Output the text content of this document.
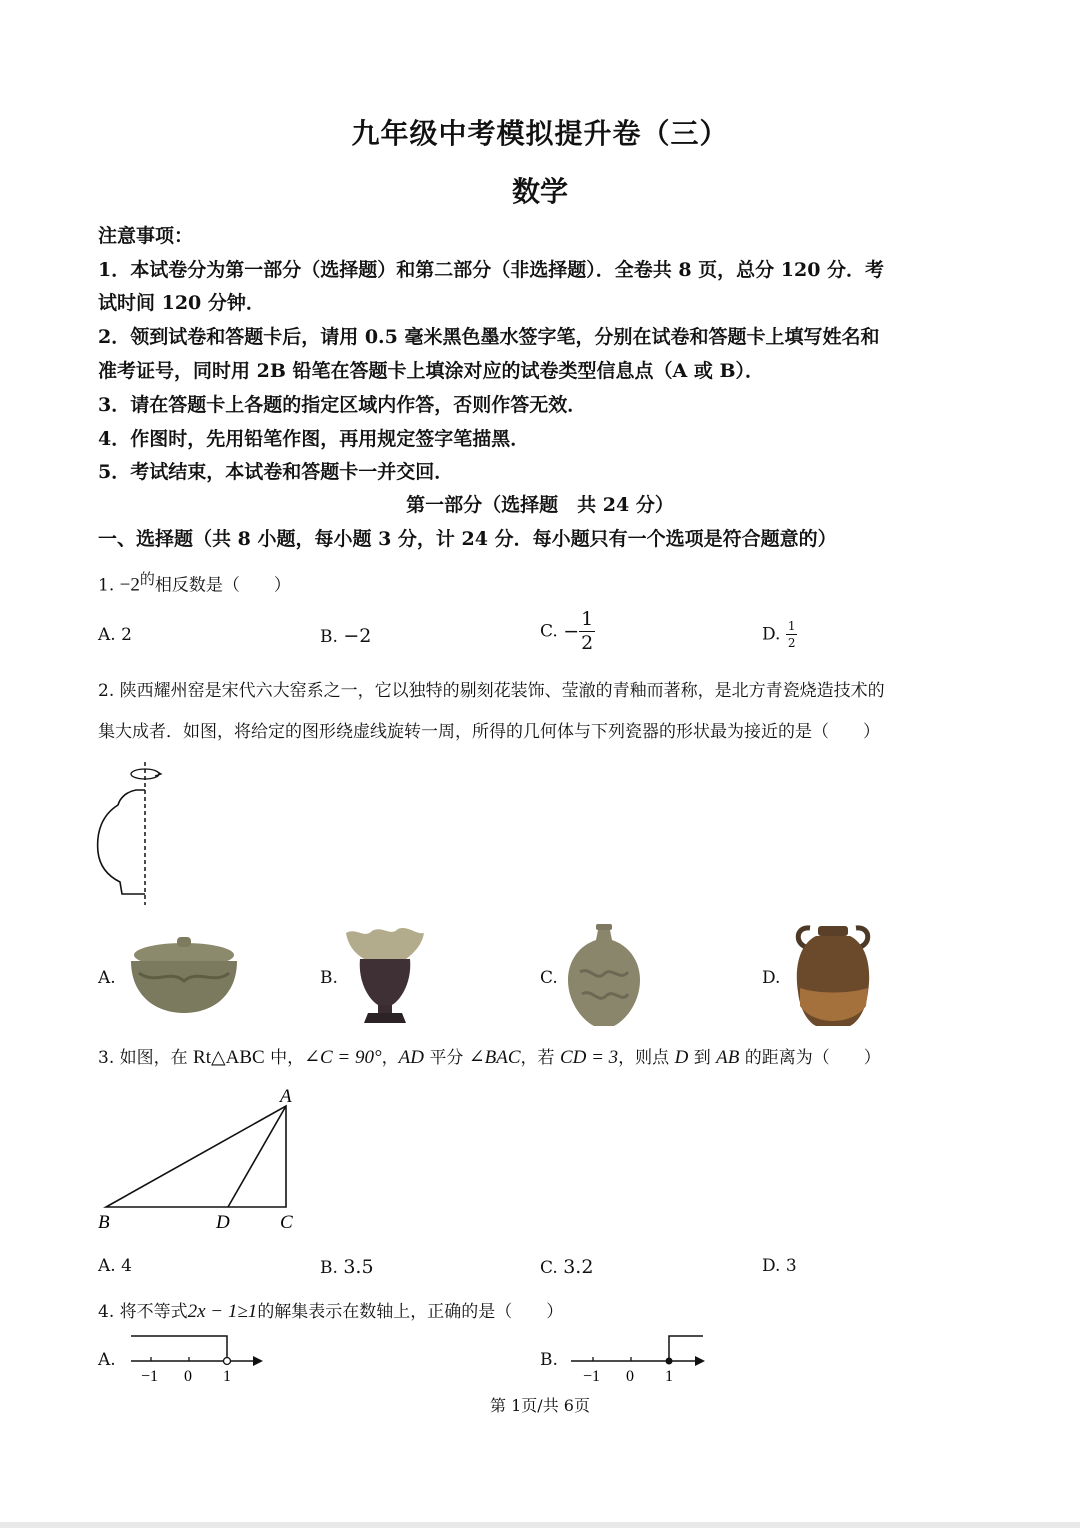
九年级中考模拟提升卷（三）
数学
注意事项：
1．本试卷分为第一部分（选择题）和第二部分（非选择题）．全卷共 8 页，总分 120 分．考
试时间 120 分钟．
2．领到试卷和答题卡后，请用 0.5 毫米黑色墨水签字笔，分别在试卷和答题卡上填写姓名和
准考证号，同时用 2B 铅笔在答题卡上填涂对应的试卷类型信息点（A 或 B）．
3．请在答题卡上各题的指定区域内作答，否则作答无效．
4．作图时，先用铅笔作图，再用规定签字笔描黑．
5．考试结束，本试卷和答题卡一并交回．
第一部分（选择题　共 24 分）
一、选择题（共 8 小题，每小题 3 分，计 24 分．每小题只有一个选项是符合题意的）
1. $-2^的$相反数是（　　）
A. 2	B. −2	C. − $\frac{1}{2}$	D. $\frac{1}{2}$
2. 陕西耀州窑是宋代六大窑系之一，它以独特的剔刻花装饰、莹澈的青釉而著称，是北方青瓷烧造技术的
集大成者．如图，将给定的图形绕虚线旋转一周，所得的几何体与下列瓷器的形状最为接近的是（　　）
A.	B.	C.	D.
3. 如图，在 Rt△ABC 中，∠C = 90°，AD 平分 ∠BAC，若 CD = 3，则点 D 到 AB 的距离为（　　）
A
B	D	C
A. 4	B. 3.5	C. 3.2	D. 3
4. 将不等式2x − 1≥1的解集表示在数轴上，正确的是（　　）
A.
−1 0 1
B.
−1 0 1
第 1页/共 6页
